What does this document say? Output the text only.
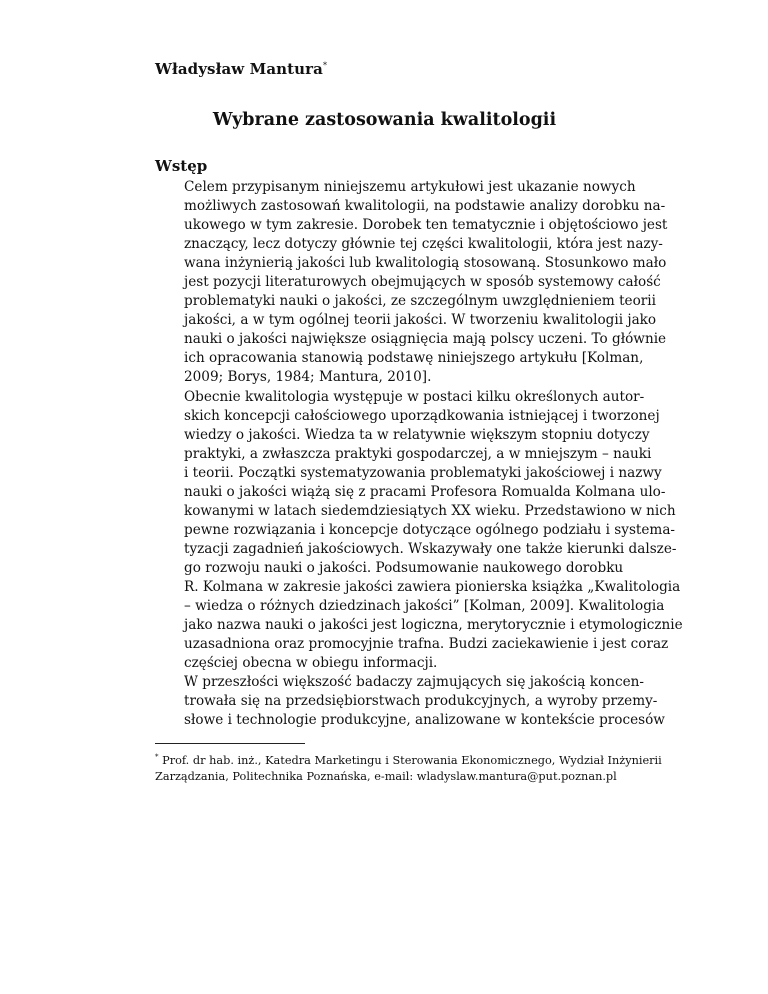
Władysław Mantura*
Wybrane zastosowania kwalitologii
Wstęp

Celem przypisanym niniejszemu artykułowi jest ukazanie nowych
możliwych zastosowań kwalitologii, na podstawie analizy dorobku na-
ukowego w tym zakresie. Dorobek ten tematycznie i objętościowo jest
znaczący, lecz dotyczy głównie tej części kwalitologii, która jest nazy-
wana inżynierią jakości lub kwalitologią stosowaną. Stosunkowo mało
jest pozycji literaturowych obejmujących w sposób systemowy całość
problematyki nauki o jakości, ze szczególnym uwzględnieniem teorii
jakości, a w tym ogólnej teorii jakości. W tworzeniu kwalitologii jako
nauki o jakości największe osiągnięcia mają polscy uczeni. To głównie
ich opracowania stanowią podstawę niniejszego artykułu [Kolman,
2009; Borys, 1984; Mantura, 2010].

Obecnie kwalitologia występuje w postaci kilku określonych autor-
skich koncepcji całościowego uporządkowania istniejącej i tworzonej
wiedzy o jakości. Wiedza ta w relatywnie większym stopniu dotyczy
praktyki, a zwłaszcza praktyki gospodarczej, a w mniejszym – nauki
i teorii. Początki systematyzowania problematyki jakościowej i nazwy
nauki o jakości wiążą się z pracami Profesora Romualda Kolmana ulo-
kowanymi w latach siedemdziesiątych XX wieku. Przedstawiono w nich
pewne rozwiązania i koncepcje dotyczące ogólnego podziału i systema-
tyzacji zagadnień jakościowych. Wskazywały one także kierunki dalsze-
go rozwoju nauki o jakości. Podsumowanie naukowego dorobku
R. Kolmana w zakresie jakości zawiera pionierska książka „Kwalitologia
– wiedza o różnych dziedzinach jakości” [Kolman, 2009]. Kwalitologia
jako nazwa nauki o jakości jest logiczna, merytorycznie i etymologicznie
uzasadniona oraz promocyjnie trafna. Budzi zaciekawienie i jest coraz
częściej obecna w obiegu informacji.

W przeszłości większość badaczy zajmujących się jakością koncen-
trowała się na przedsiębiorstwach produkcyjnych, a wyroby przemy-
słowe i technologie produkcyjne, analizowane w kontekście procesów

* Prof. dr hab. inż., Katedra Marketingu i Sterowania Ekonomicznego, Wydział Inżynierii
Zarządzania, Politechnika Poznańska, e-mail: wladyslaw.mantura@put.poznan.pl
